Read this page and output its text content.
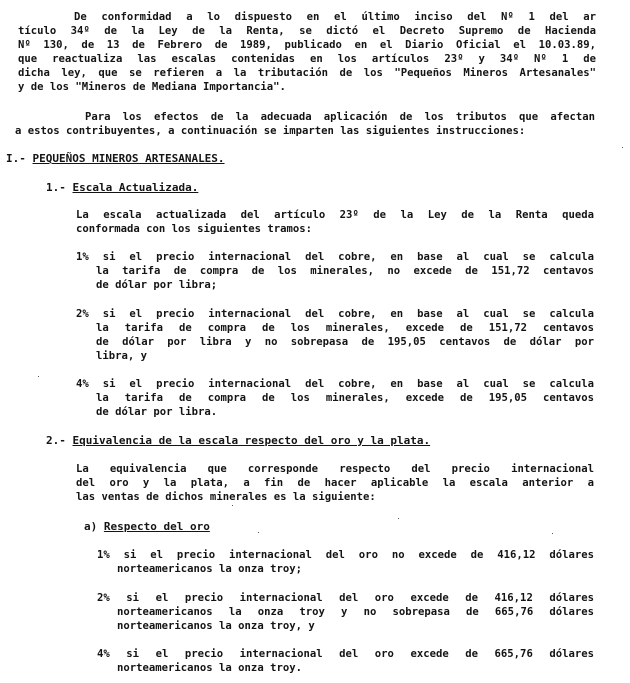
De conformidad a lo dispuesto en el último inciso del Nº 1 del ar
tículo 34º de la Ley de la Renta, se dictó el Decreto Supremo de Hacienda
Nº 130, de 13 de Febrero de 1989, publicado en el Diario Oficial el 10.03.89,
que reactualiza las escalas contenidas en los artículos 23º y 34º Nº 1 de
dicha ley, que se refieren a la tributación de los "Pequeños Mineros Artesanales"
y de los "Mineros de Mediana Importancia".
Para los efectos de la adecuada aplicación de los tributos que afectan
a estos contribuyentes, a continuación se imparten las siguientes instrucciones:
I.- PEQUEÑOS MINEROS ARTESANALES.
1.- Escala Actualizada.
La escala actualizada del artículo 23º de la Ley de la Renta queda
conformada con los siguientes tramos:
1% si el precio internacional del cobre, en base al cual se calcula
la tarifa de compra de los minerales, no excede de 151,72 centavos
de dólar por libra;
2% si el precio internacional del cobre, en base al cual se calcula
la tarifa de compra de los minerales, excede de 151,72 centavos
de dólar por libra y no sobrepasa de 195,05 centavos de dólar por
libra, y
4% si el precio internacional del cobre, en base al cual se calcula
la tarifa de compra de los minerales, excede de 195,05 centavos
de dólar por libra.
2.- Equivalencia de la escala respecto del oro y la plata.
La equivalencia que corresponde respecto del precio internacional
del oro y la plata, a fin de hacer aplicable la escala anterior a
las ventas de dichos minerales es la siguiente:
a) Respecto del oro
1% si el precio internacional del oro no excede de 416,12 dólares
norteamericanos la onza troy;
2% si el precio internacional del oro excede de 416,12 dólares
norteamericanos la onza troy y no sobrepasa de 665,76 dólares
norteamericanos la onza troy, y
4% si el precio internacional del oro excede de 665,76 dólares
norteamericanos la onza troy.
